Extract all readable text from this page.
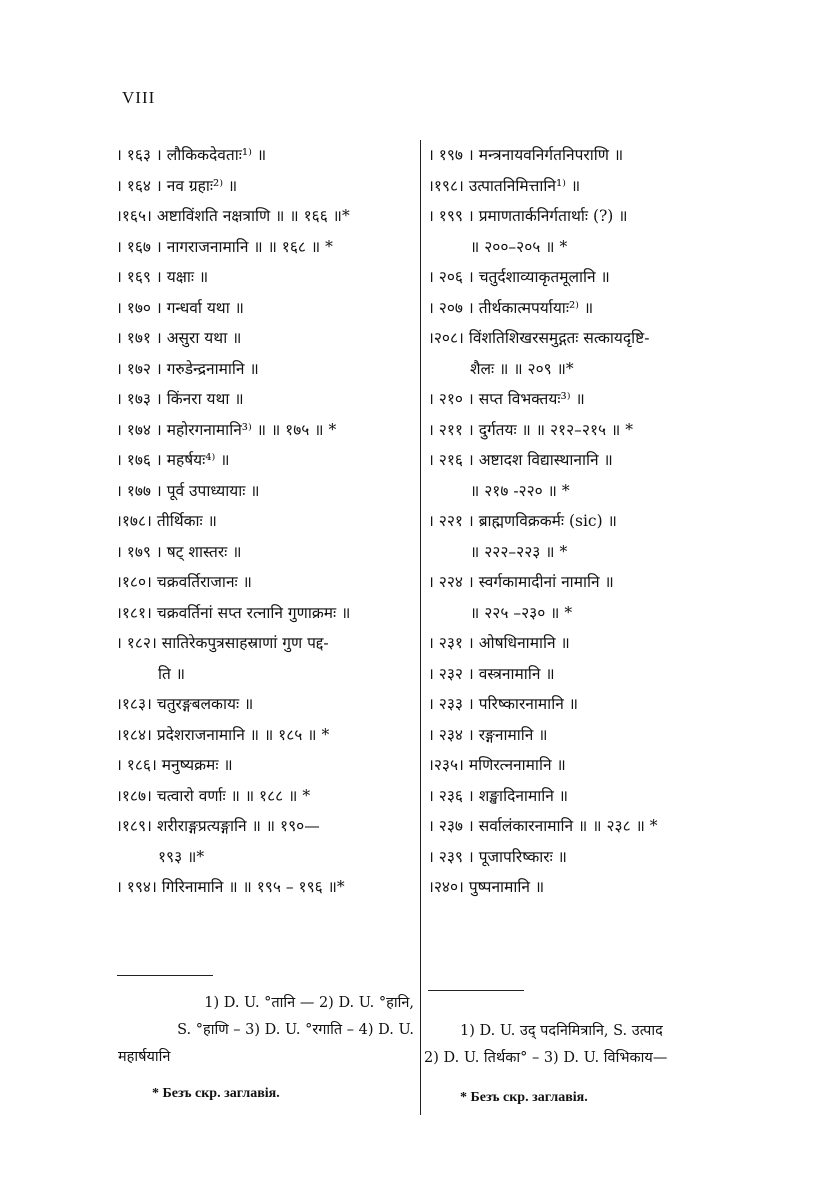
VIII
। १६३ । लौकिकदेवताः¹⁾ ॥
। १६४ । नव ग्रहाः²⁾ ॥
।१६५। अष्टाविंशति नक्षत्राणि ॥ ॥ १६६ ॥*
। १६७ । नागराजनामानि ॥ ॥ १६८ ॥ *
। १६९ । यक्षाः ॥
। १७० । गन्धर्वा यथा ॥
। १७१ । असुरा यथा ॥
। १७२ । गरुडेन्द्रनामानि ॥
। १७३ । किंनरा यथा ॥
। १७४ । महोरगनामानि³⁾ ॥ ॥ १७५ ॥ *
। १७६ । महर्षयः⁴⁾ ॥
। १७७ । पूर्व उपाध्यायाः ॥
।१७८। तीर्थिकाः ॥
। १७९ । षट् शास्तरः ॥
।१८०। चक्रवर्तिराजानः ॥
।१८१। चक्रवर्तिनां सप्त रत्नानि गुणाक्रमः ॥
। १८२। सातिरेकपुत्रसाहस्राणां गुण पद्द-
ति ॥
।१८३। चतुरङ्गबलकायः ॥
।१८४। प्रदेशराजनामानि ॥ ॥ १८५ ॥ *
। १८६। मनुष्यक्रमः ॥
।१८७। चत्वारो वर्णाः ॥ ॥ १८८ ॥ *
।१८९। शरीराङ्गप्रत्यङ्गानि ॥ ॥ १९०—
१९३ ॥*
। १९४। गिरिनामानि ॥ ॥ १९५ – १९६ ॥*
। १९७ । मन्त्रनायवनिर्गतनिपराणि ॥
।१९८। उत्पातनिमित्तानि¹⁾ ॥
। १९९ । प्रमाणतार्कनिर्गतार्थाः (?) ॥
॥ २००–२०५ ॥ *
। २०६ । चतुर्दशाव्याकृतमूलानि ॥
। २०७ । तीर्थकात्मपर्यायाः²⁾ ॥
।२०८। विंशतिशिखरसमुद्गतः सत्कायदृष्टि-
शैलः ॥ ॥ २०९ ॥*
। २१० । सप्त विभक्तयः³⁾ ॥
। २११ । दुर्गतयः ॥ ॥ २१२–२१५ ॥ *
। २१६ । अष्टादश विद्यास्थानानि ॥
॥ २१७ -२२० ॥ *
। २२१ । ब्राह्मणविक्रकर्मः (sic) ॥
॥ २२२–२२३ ॥ *
। २२४ । स्वर्गकामादीनां नामानि ॥
॥ २२५ –२३० ॥ *
। २३१ । ओषधिनामानि ॥
। २३२ । वस्त्रनामानि ॥
। २३३ । परिष्कारनामानि ॥
। २३४ । रङ्गनामानि ॥
।२३५। मणिरत्ननामानि ॥
। २३६ । शङ्खादिनामानि ॥
। २३७ । सर्वालंकारनामानि ॥ ॥ २३८ ॥ *
। २३९ । पूजापरिष्कारः ॥
।२४०। पुष्पनामानि ॥
1) D. U. °तानि — 2) D. U. °हानि,
S. °हाणि – 3) D. U. °रगाति – 4) D. U.
महार्षयानि
1) D. U. उद् पदनिमित्रानि, S. उत्पाद
2) D. U. तिर्थका° – 3) D. U. विभिकाय—
* Безъ скр. заглавія.	* Безъ скр. заглавія.
